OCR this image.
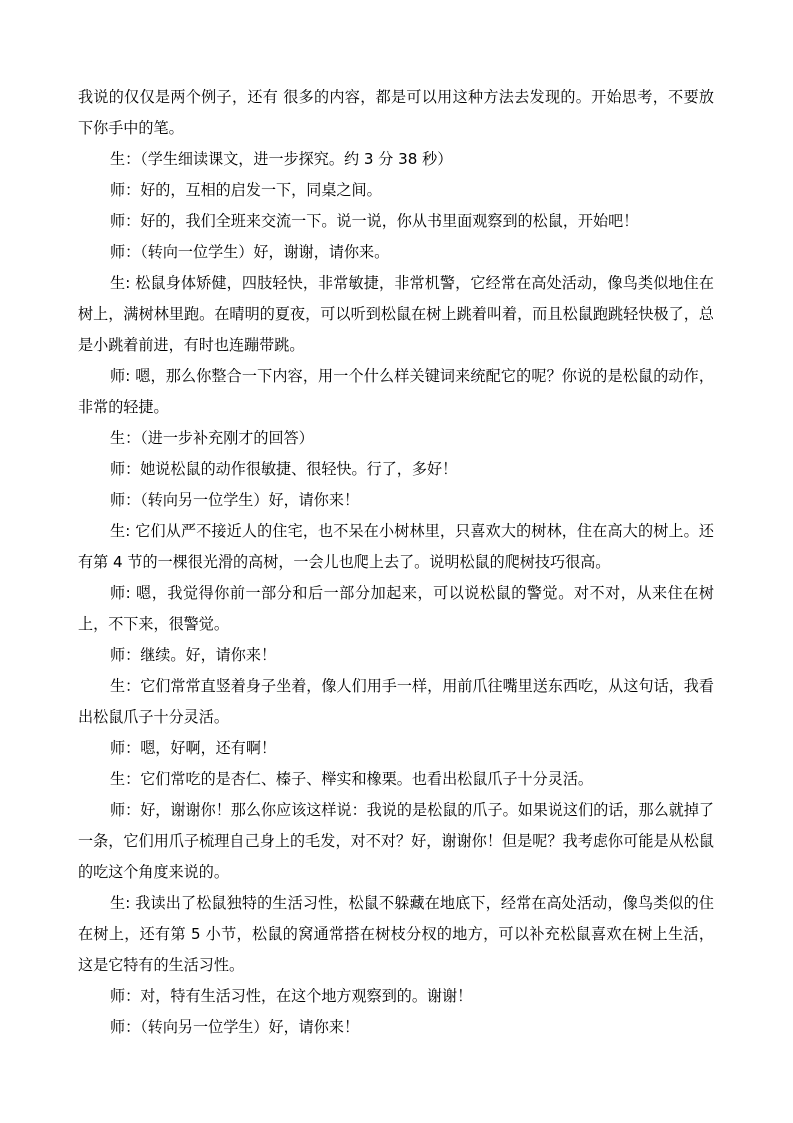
我说的仅仅是两个例子，还有 很多的内容，都是可以用这种方法去发现的。开始思考，不要放下你手中的笔。

生：（学生细读课文，进一步探究。约 3 分 38 秒）

师：好的，互相的启发一下，同桌之间。

师：好的，我们全班来交流一下。说一说，你从书里面观察到的松鼠，开始吧！

师：（转向一位学生）好，谢谢，请你来。

生: 松鼠身体矫健，四肢轻快，非常敏捷，非常机警，它经常在高处活动，像鸟类似地住在树上，满树林里跑。在晴明的夏夜，可以听到松鼠在树上跳着叫着，而且松鼠跑跳轻快极了，总是小跳着前进，有时也连蹦带跳。

师: 嗯，那么你整合一下内容，用一个什么样关键词来统配它的呢？你说的是松鼠的动作，非常的轻捷。

生：（进一步补充刚才的回答）

师：她说松鼠的动作很敏捷、很轻快。行了，多好！

师：（转向另一位学生）好，请你来！

生: 它们从严不接近人的住宅，也不呆在小树林里，只喜欢大的树林，住在高大的树上。还有第 4 节的一棵很光滑的高树，一会儿也爬上去了。说明松鼠的爬树技巧很高。

师: 嗯，我觉得你前一部分和后一部分加起来，可以说松鼠的警觉。对不对，从来住在树上，不下来，很警觉。

师：继续。好，请你来！

生：它们常常直竖着身子坐着，像人们用手一样，用前爪往嘴里送东西吃，从这句话，我看出松鼠爪子十分灵活。

师：嗯，好啊，还有啊！

生：它们常吃的是杏仁、榛子、榉实和橡栗。也看出松鼠爪子十分灵活。

师：好，谢谢你！那么你应该这样说：我说的是松鼠的爪子。如果说这们的话，那么就掉了一条，它们用爪子梳理自己身上的毛发，对不对？好，谢谢你！但是呢？我考虑你可能是从松鼠的吃这个角度来说的。

生: 我读出了松鼠独特的生活习性，松鼠不躲藏在地底下，经常在高处活动，像鸟类似的住在树上，还有第 5 小节，松鼠的窝通常搭在树枝分杈的地方，可以补充松鼠喜欢在树上生活，这是它特有的生活习性。

师：对，特有生活习性，在这个地方观察到的。谢谢！

师：（转向另一位学生）好，请你来！
